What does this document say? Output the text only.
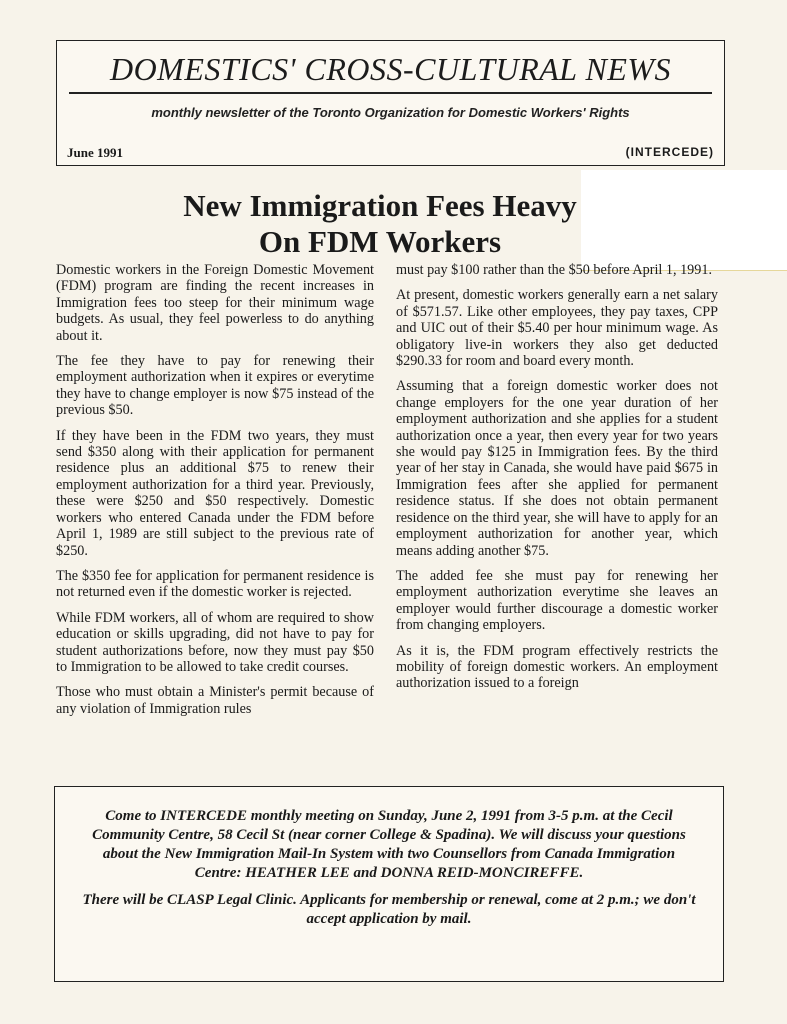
DOMESTICS' CROSS-CULTURAL NEWS
monthly newsletter of the Toronto Organization for Domestic Workers' Rights
June 1991	(INTERCEDE)
New Immigration Fees Heavy
On FDM Workers

Domestic workers in the Foreign Domestic Movement (FDM) program are finding the recent increases in Immigration fees too steep for their minimum wage budgets. As usual, they feel powerless to do anything about it.

The fee they have to pay for renewing their employment authorization when it expires or everytime they have to change employer is now $75 instead of the previous $50.

If they have been in the FDM two years, they must send $350 along with their application for permanent residence plus an additional $75 to renew their employment authorization for a third year. Previously, these were $250 and $50 respectively. Domestic workers who entered Canada under the FDM before April 1, 1989 are still subject to the previous rate of $250.

The $350 fee for application for permanent residence is not returned even if the domestic worker is rejected.

While FDM workers, all of whom are required to show education or skills upgrading, did not have to pay for student authorizations before, now they must pay $50 to Immigration to be allowed to take credit courses.

Those who must obtain a Minister's permit because of any violation of Immigration rules

must pay $100 rather than the $50 before April 1, 1991.

At present, domestic workers generally earn a net salary of $571.57. Like other employees, they pay taxes, CPP and UIC out of their $5.40 per hour minimum wage. As obligatory live-in workers they also get deducted $290.33 for room and board every month.

Assuming that a foreign domestic worker does not change employers for the one year duration of her employment authorization and she applies for a student authorization once a year, then every year for two years she would pay $125 in Immigration fees. By the third year of her stay in Canada, she would have paid $675 in Immigration fees after she applied for permanent residence status. If she does not obtain permanent residence on the third year, she will have to apply for an employment authorization for another year, which means adding another $75.

The added fee she must pay for renewing her employment authorization everytime she leaves an employer would further discourage a domestic worker from changing employers.

As it is, the FDM program effectively restricts the mobility of foreign domestic workers. An employment authorization issued to a foreign

Come to INTERCEDE monthly meeting on Sunday, June 2, 1991 from 3-5 p.m. at the Cecil Community Centre, 58 Cecil St (near corner College & Spadina). We will discuss your questions about the New Immigration Mail-In System with two Counsellors from Canada Immigration Centre: HEATHER LEE and DONNA REID-MONCIREFFE.

There will be CLASP Legal Clinic. Applicants for membership or renewal, come at 2 p.m.; we don't accept application by mail.
